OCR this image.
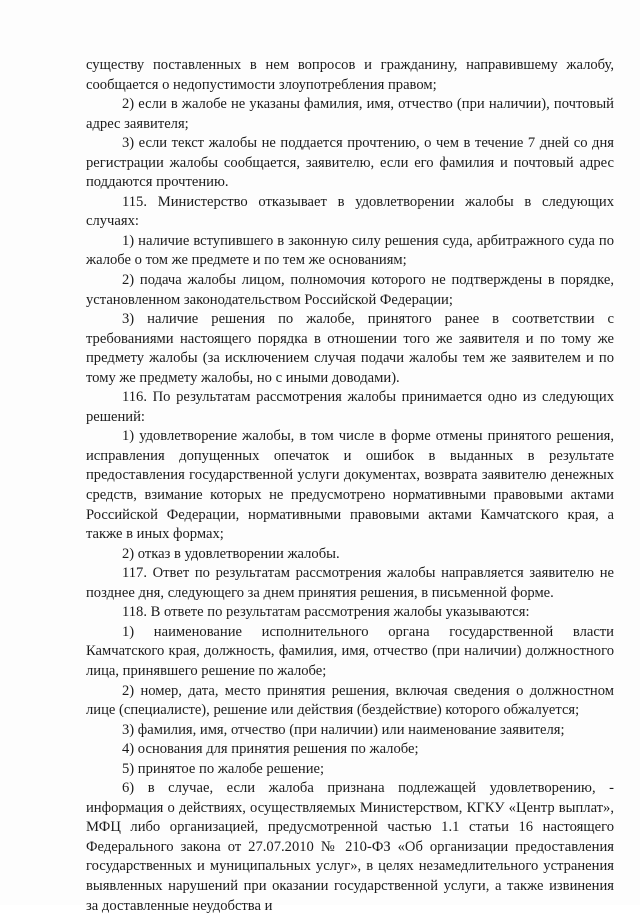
существу поставленных в нем вопросов и гражданину, направившему жалобу, сообщается о недопустимости злоупотребления правом;

2) если в жалобе не указаны фамилия, имя, отчество (при наличии), почтовый адрес заявителя;

3) если текст жалобы не поддается прочтению, о чем в течение 7 дней со дня регистрации жалобы сообщается, заявителю, если его фамилия и почтовый адрес поддаются прочтению.

115. Министерство отказывает в удовлетворении жалобы в следующих случаях:

1) наличие вступившего в законную силу решения суда, арбитражного суда по жалобе о том же предмете и по тем же основаниям;

2) подача жалобы лицом, полномочия которого не подтверждены в порядке, установленном законодательством Российской Федерации;

3) наличие решения по жалобе, принятого ранее в соответствии с требованиями настоящего порядка в отношении того же заявителя и по тому же предмету жалобы (за исключением случая подачи жалобы тем же заявителем и по тому же предмету жалобы, но с иными доводами).

116. По результатам рассмотрения жалобы принимается одно из следующих решений:

1) удовлетворение жалобы, в том числе в форме отмены принятого решения, исправления допущенных опечаток и ошибок в выданных в результате предоставления государственной услуги документах, возврата заявителю денежных средств, взимание которых не предусмотрено нормативными правовыми актами Российской Федерации, нормативными правовыми актами Камчатского края, а также в иных формах;

2) отказ в удовлетворении жалобы.

117. Ответ по результатам рассмотрения жалобы направляется заявителю не позднее дня, следующего за днем принятия решения, в письменной форме.

118. В ответе по результатам рассмотрения жалобы указываются:

1) наименование исполнительного органа государственной власти Камчатского края, должность, фамилия, имя, отчество (при наличии) должностного лица, принявшего решение по жалобе;

2) номер, дата, место принятия решения, включая сведения о должностном лице (специалисте), решение или действия (бездействие) которого обжалуется;

3) фамилия, имя, отчество (при наличии) или наименование заявителя;

4) основания для принятия решения по жалобе;

5) принятое по жалобе решение;

6) в случае, если жалоба признана подлежащей удовлетворению, - информация о действиях, осуществляемых Министерством, КГКУ «Центр выплат», МФЦ либо организацией, предусмотренной частью 1.1 статьи 16 настоящего Федерального закона от 27.07.2010 № 210-ФЗ «Об организации предоставления государственных и муниципальных услуг», в целях незамедлительного устранения выявленных нарушений при оказании государственной услуги, а также извинения за доставленные неудобства и
